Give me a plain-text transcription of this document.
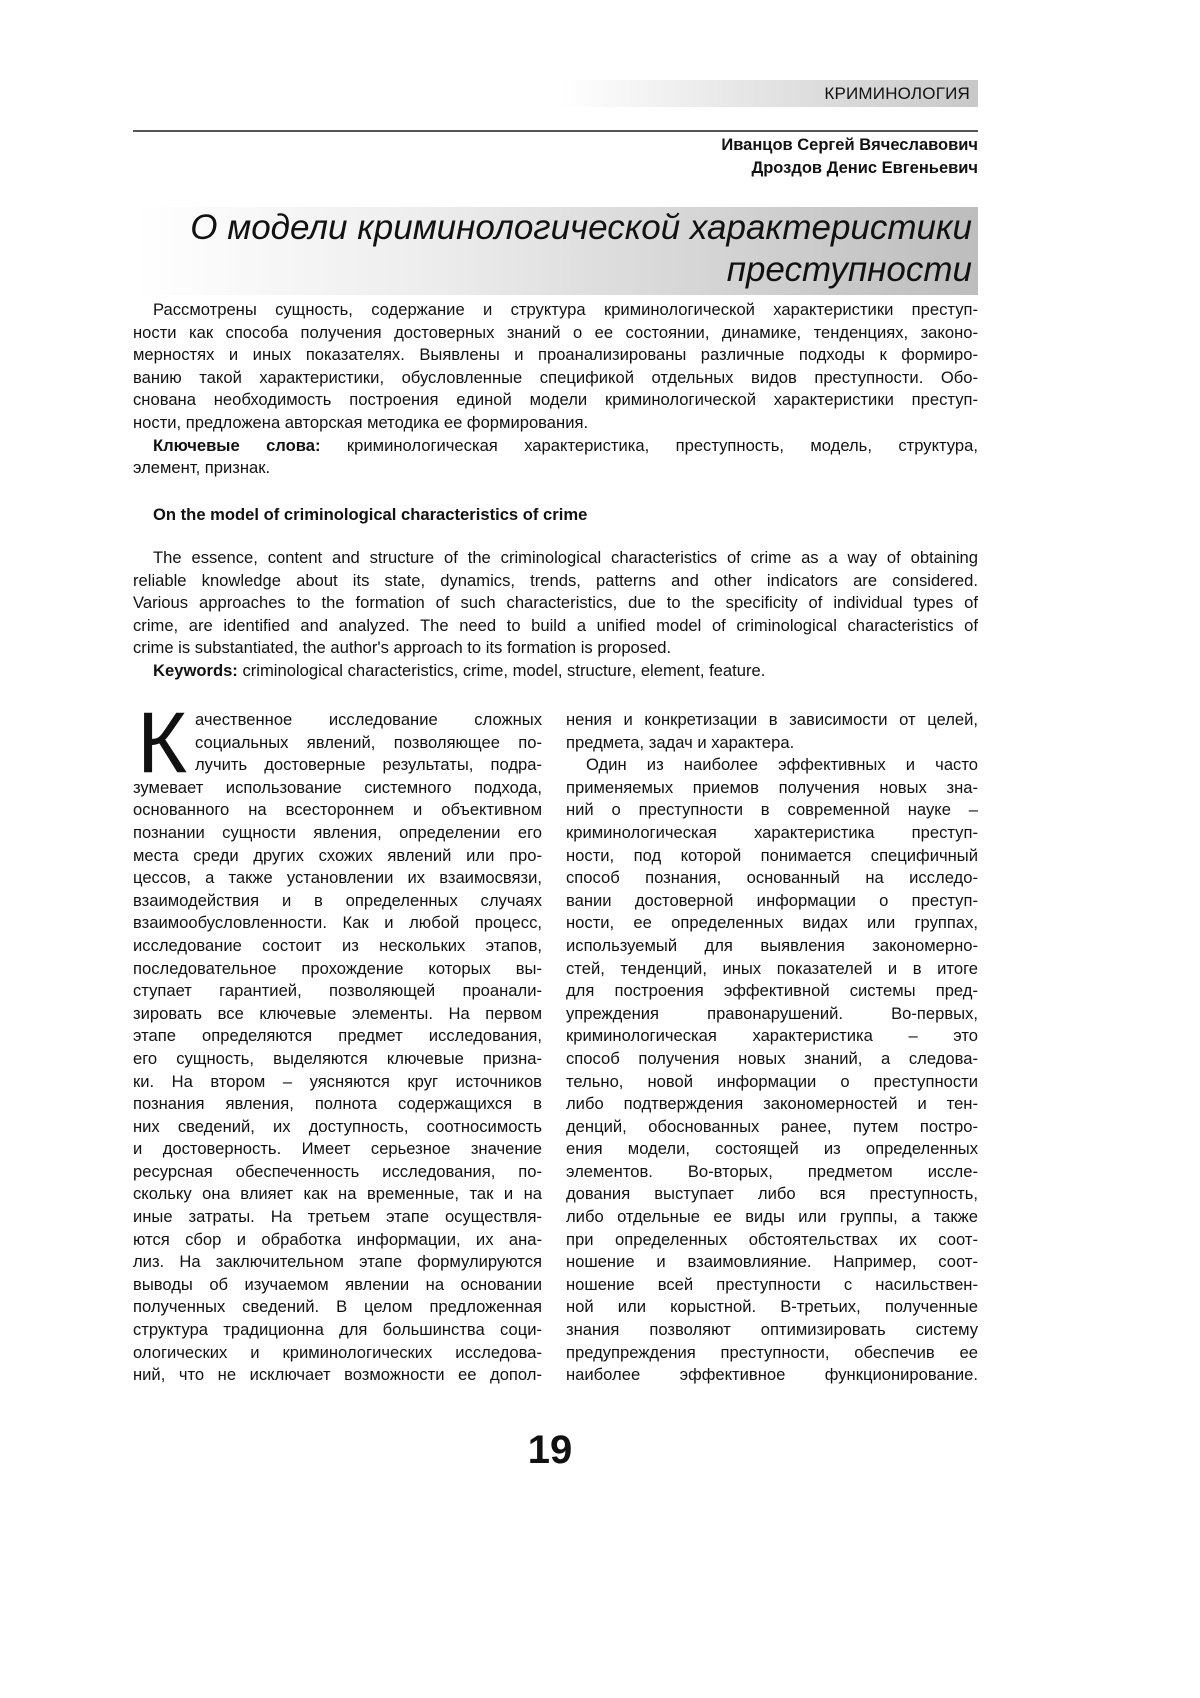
КРИМИНОЛОГИЯ
Иванцов Сергей Вячеславович
Дроздов Денис Евгеньевич
О модели криминологической характеристики
преступности
Рассмотрены сущность, содержание и структура криминологической характеристики преступ-
ности как способа получения достоверных знаний о ее состоянии, динамике, тенденциях, законо-
мерностях и иных показателях. Выявлены и проанализированы различные подходы к формиро-
ванию такой характеристики, обусловленные спецификой отдельных видов преступности. Обо-
снована необходимость построения единой модели криминологической характеристики преступ-
ности, предложена авторская методика ее формирования.
Ключевые слова: криминологическая характеристика, преступность, модель, структура,
элемент, признак.
On the model of criminological characteristics of crime
The essence, content and structure of the criminological characteristics of crime as a way of obtaining
reliable knowledge about its state, dynamics, trends, patterns and other indicators are considered.
Various approaches to the formation of such characteristics, due to the specificity of individual types of
crime, are identified and analyzed. The need to build a unified model of criminological characteristics of
crime is substantiated, the author's approach to its formation is proposed.
Keywords: criminological characteristics, crime, model, structure, element, feature.
К ачественное исследование сложных
социальных явлений, позволяющее по-
лучить достоверные результаты, подра-
зумевает использование системного подхода,
основанного на всестороннем и объективном
познании сущности явления, определении его
места среди других схожих явлений или про-
цессов, а также установлении их взаимосвязи,
взаимодействия и в определенных случаях
взаимообусловленности. Как и любой процесс,
исследование состоит из нескольких этапов,
последовательное прохождение которых вы-
ступает гарантией, позволяющей проанали-
зировать все ключевые элементы. На первом
этапе определяются предмет исследования,
его сущность, выделяются ключевые призна-
ки. На втором – уясняются круг источников
познания явления, полнота содержащихся в
них сведений, их доступность, соотносимость
и достоверность. Имеет серьезное значение
ресурсная обеспеченность исследования, по-
скольку она влияет как на временные, так и на
иные затраты. На третьем этапе осуществля-
ются сбор и обработка информации, их ана-
лиз. На заключительном этапе формулируются
выводы об изучаемом явлении на основании
полученных сведений. В целом предложенная
структура традиционна для большинства соци-
ологических и криминологических исследова-
ний, что не исключает возможности ее допол-
нения и конкретизации в зависимости от целей,
предмета, задач и характера.
Один из наиболее эффективных и часто
применяемых приемов получения новых зна-
ний о преступности в современной науке –
криминологическая характеристика преступ-
ности, под которой понимается специфичный
способ познания, основанный на исследо-
вании достоверной информации о преступ-
ности, ее определенных видах или группах,
используемый для выявления закономерно-
стей, тенденций, иных показателей и в итоге
для построения эффективной системы пред-
упреждения правонарушений. Во-первых,
криминологическая характеристика – это
способ получения новых знаний, а следова-
тельно, новой информации о преступности
либо подтверждения закономерностей и тен-
денций, обоснованных ранее, путем постро-
ения модели, состоящей из определенных
элементов. Во-вторых, предметом иссле-
дования выступает либо вся преступность,
либо отдельные ее виды или группы, а также
при определенных обстоятельствах их соот-
ношение и взаимовлияние. Например, соот-
ношение всей преступности с насильствен-
ной или корыстной. В-третьих, полученные
знания позволяют оптимизировать систему
предупреждения преступности, обеспечив ее
наиболее эффективное функционирование.
19
